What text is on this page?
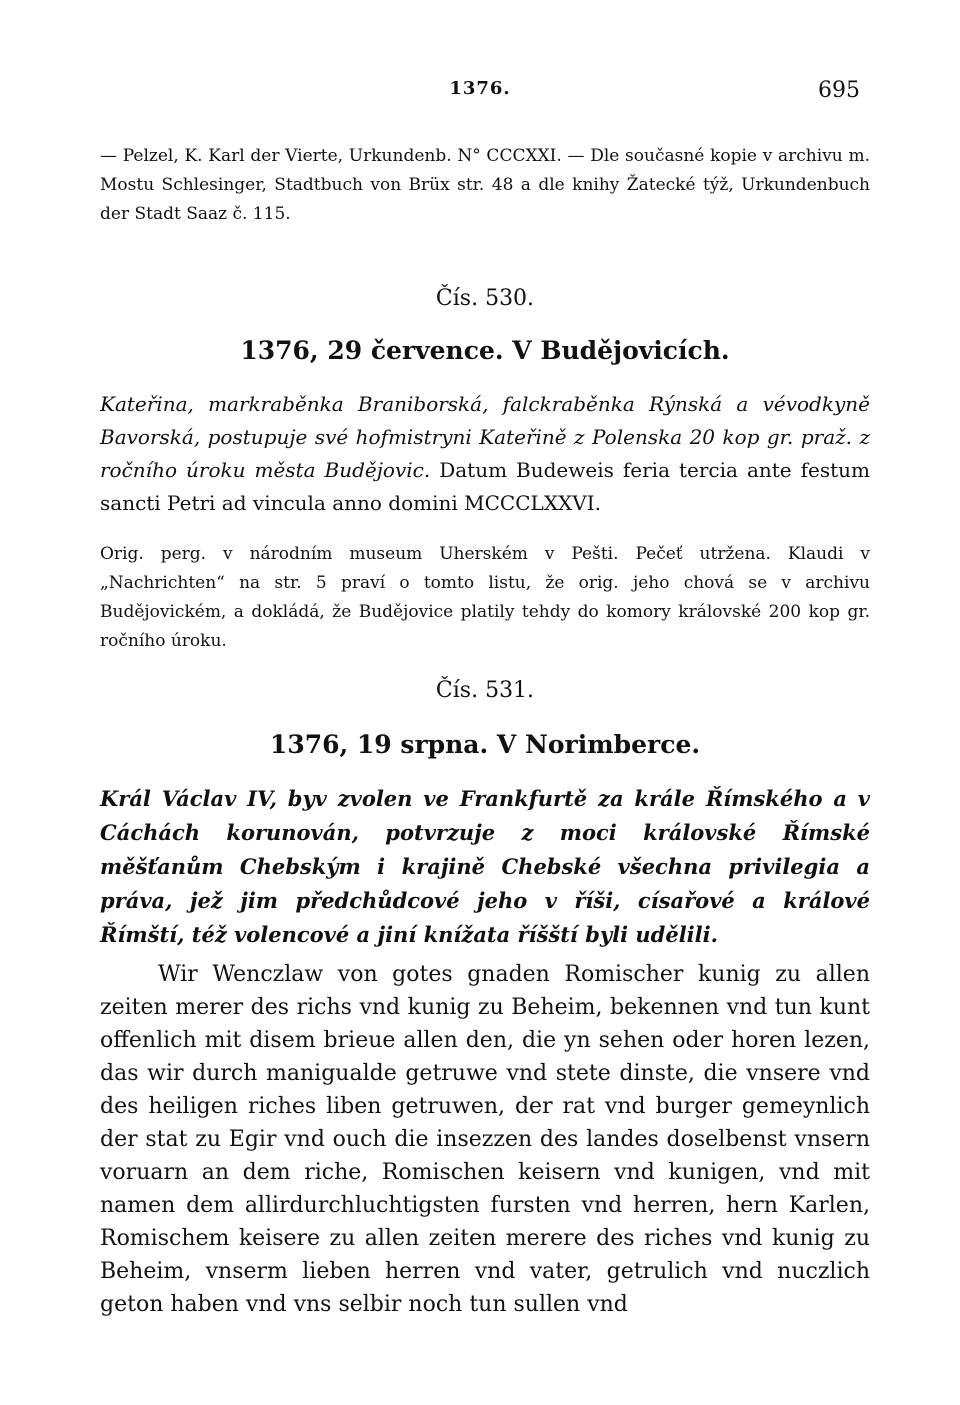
1376.	695
— Pelzel, K. Karl der Vierte, Urkundenb. N° CCCXXI. — Dle současné kopie v archivu m. Mostu Schlesinger, Stadtbuch von Brüx str. 48 a dle knihy Žatecké týž, Urkundenbuch der Stadt Saaz č. 115.
Čís. 530.
1376, 29 července. V Budějovicích.
Kateřina, markraběnka Braniborská, falckraběnka Rýnská a vévodkyně Bavorská, postupuje své hofmistryni Kateřině z Polenska 20 kop gr. praž. z ročního úroku města Budějovic. Datum Budeweis feria tercia ante festum sancti Petri ad vincula anno domini MCCCLXXVI.
Orig. perg. v národním museum Uherském v Pešti. Pečeť utržena. Klaudi v „Nachrichten“ na str. 5 praví o tomto listu, že orig. jeho chová se v archivu Budějovickém, a dokládá, že Budějovice platily tehdy do komory královské 200 kop gr. ročního úroku.
Čís. 531.
1376, 19 srpna. V Norimberce.
Král Václav IV, byv zvolen ve Frankfurtě za krále Římského a v Cáchách korunován, potvrzuje z moci královské Římské měšťanům Chebským i krajině Chebské všechna privilegia a práva, jež jim předchůdcové jeho v říši, císařové a králové Římští, též volencové a jiní knížata říšští byli udělili.
Wir Wenczlaw von gotes gnaden Romischer kunig zu allen zeiten merer des richs vnd kunig zu Beheim, bekennen vnd tun kunt offenlich mit disem brieue allen den, die yn sehen oder horen lezen, das wir durch manigualde getruwe vnd stete dinste, die vnsere vnd des heiligen riches liben getruwen, der rat vnd burger gemeynlich der stat zu Egir vnd ouch die insezzen des landes doselbenst vnsern voruarn an dem riche, Romischen keisern vnd kunigen, vnd mit namen dem allirdurchluchtigsten fursten vnd herren, hern Karlen, Romischem keisere zu allen zeiten merere des riches vnd kunig zu Beheim, vnserm lieben herren vnd vater, getrulich vnd nuczlich geton haben vnd vns selbir noch tun sullen vnd
